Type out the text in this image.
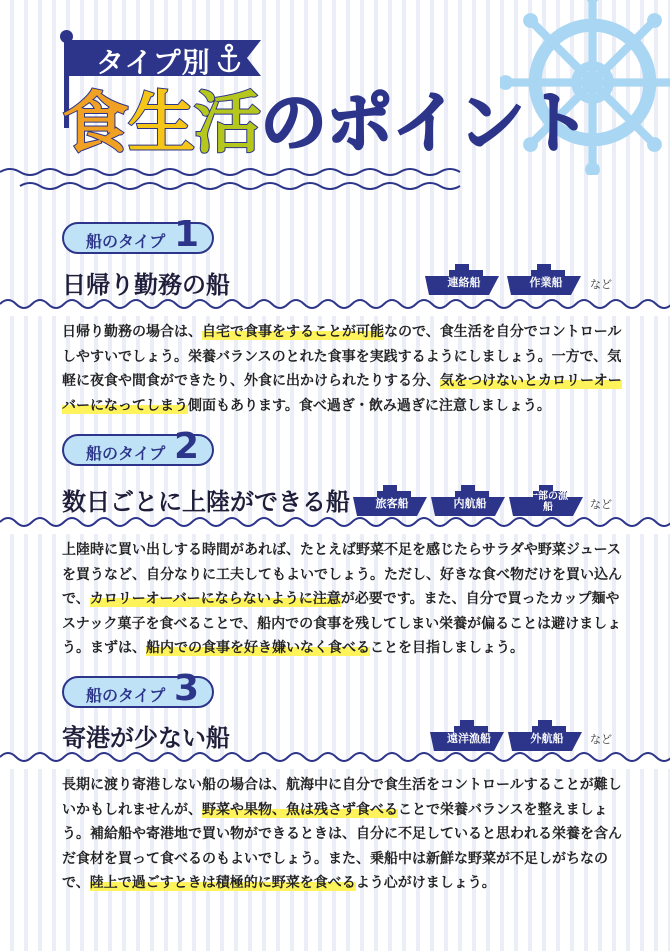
タイプ別
食生活のポイント
船のタイプ 1
日帰り勤務の船	連絡船	作業船	など
日帰り勤務の場合は、自宅で食事をすることが可能なので、食生活を自分でコントロールしやすいでしょう。栄養バランスのとれた食事を実践するようにしましょう。一方で、気軽に夜食や間食ができたり、外食に出かけられたりする分、気をつけないとカロリーオーバーになってしまう側面もあります。食べ過ぎ・飲み過ぎに注意しましょう。
船のタイプ 2
数日ごとに上陸ができる船	旅客船	内航船
一部の漁船	など
上陸時に買い出しする時間があれば、たとえば野菜不足を感じたらサラダや野菜ジュースを買うなど、自分なりに工夫してもよいでしょう。ただし、好きな食べ物だけを買い込んで、カロリーオーバーにならないように注意が必要です。また、自分で買ったカップ麺やスナック菓子を食べることで、船内での食事を残してしまい栄養が偏ることは避けましょう。まずは、船内での食事を好き嫌いなく食べることを目指しましょう。
船のタイプ 3
寄港が少ない船	遠洋漁船	外航船	など
長期に渡り寄港しない船の場合は、航海中に自分で食生活をコントロールすることが難しいかもしれませんが、野菜や果物、魚は残さず食べることで栄養バランスを整えましょう。補給船や寄港地で買い物ができるときは、自分に不足していると思われる栄養を含んだ食材を買って食べるのもよいでしょう。また、乗船中は新鮮な野菜が不足しがちなので、陸上で過ごすときは積極的に野菜を食べるよう心がけましょう。
